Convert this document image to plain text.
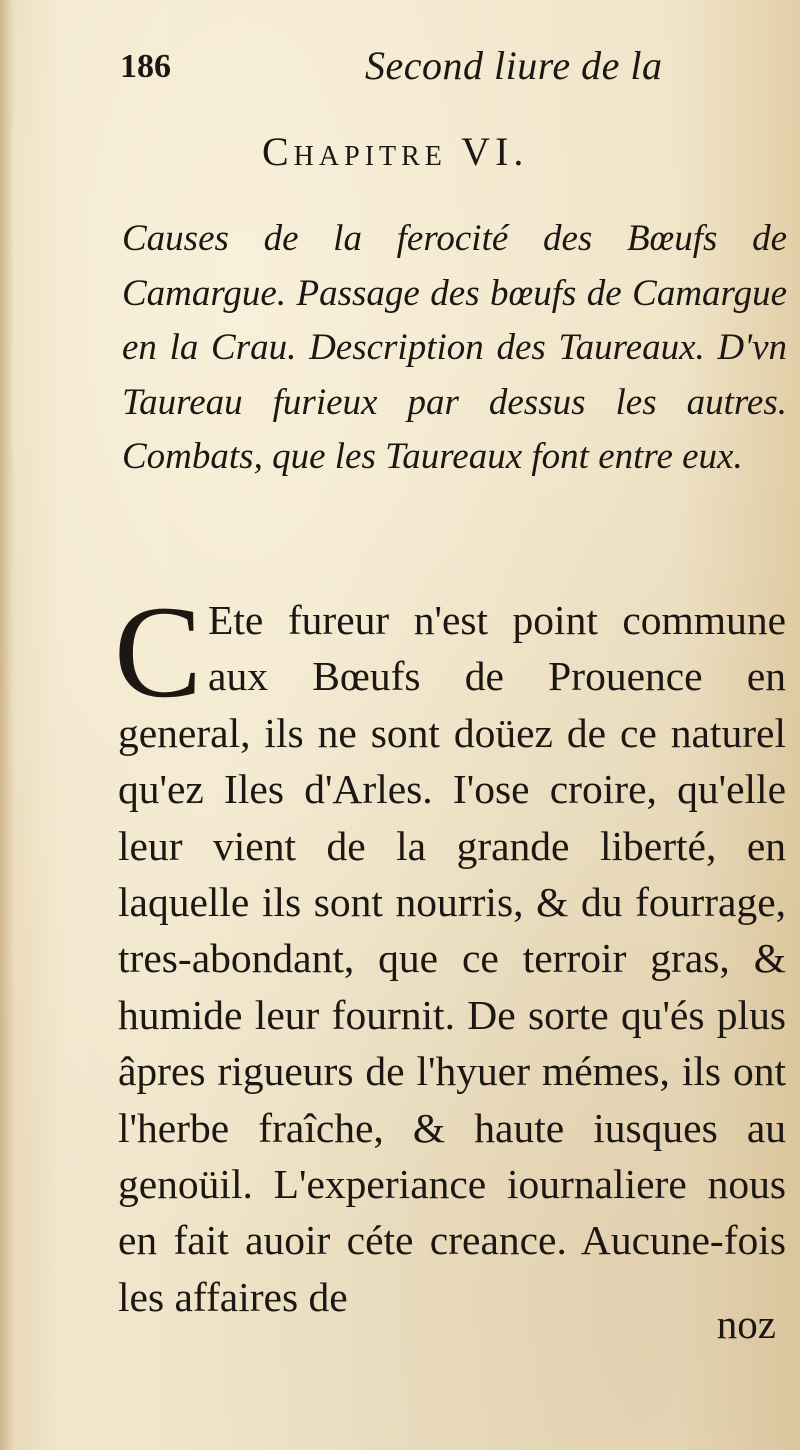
186	Second liure de la
Chapitre VI.
Causes de la ferocité des Bœufs de Camargue. Passage des bœufs de Camargue en la Crau. Description des Taureaux. D'vn Taureau furieux par dessus les autres. Combats, que les Taureaux font entre eux.
C Ete fureur n'est point commune aux Bœufs de Prouence en general, ils ne sont doüez de ce naturel qu'ez Iles d'Arles. I'ose croire, qu'elle leur vient de la grande liberté, en laquelle ils sont nourris, & du fourrage, tres-abondant, que ce terroir gras, & humide leur fournit. De sorte qu'és plus âpres rigueurs de l'hyuer mémes, ils ont l'herbe fraîche, & haute iusques au genoüil. L'experiance iournaliere nous en fait auoir céte creance. Aucune-fois les affaires de
noz
